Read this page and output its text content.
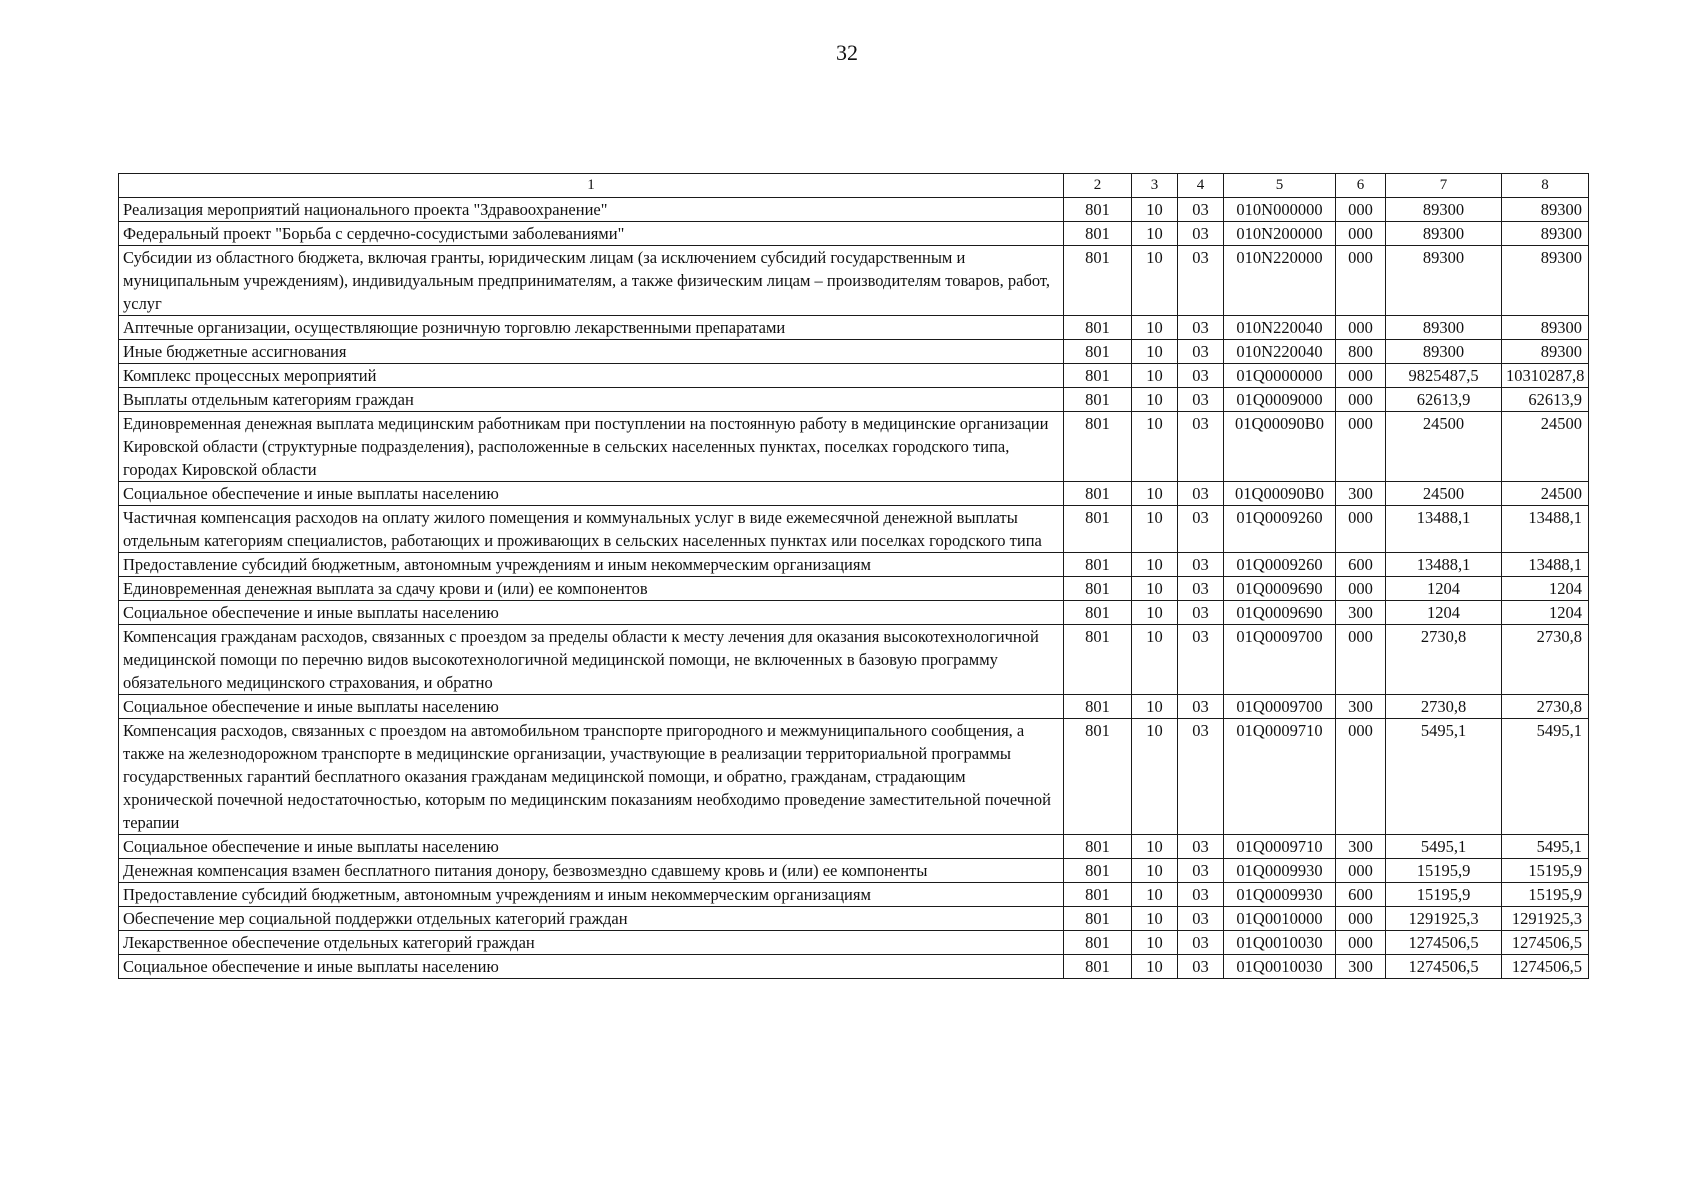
32
1	2	3	4	5	6	7	8
Реализация мероприятий национального проекта "Здравоохранение"	801	10	03	010N000000	000	89300	89300
Федеральный проект "Борьба с сердечно-сосудистыми заболеваниями"	801	10	03	010N200000	000	89300	89300
Субсидии из областного бюджета, включая гранты, юридическим лицам (за исключением субсидий государственным и муниципальным учреждениям), индивидуальным предпринимателям, а также физическим лицам – производителям товаров, работ, услуг	801	10	03	010N220000	000	89300	89300
Аптечные организации, осуществляющие розничную торговлю лекарственными препаратами	801	10	03	010N220040	000	89300	89300
Иные бюджетные ассигнования	801	10	03	010N220040	800	89300	89300
Комплекс процессных мероприятий	801	10	03	01Q0000000	000	9825487,5	10310287,8
Выплаты отдельным категориям граждан	801	10	03	01Q0009000	000	62613,9	62613,9
Единовременная денежная выплата медицинским работникам при поступлении на постоянную работу в медицинские организации Кировской области (структурные подразделения), расположенные в сельских населенных пунктах, поселках городского типа, городах Кировской области	801	10	03	01Q00090B0	000	24500	24500
Социальное обеспечение и иные выплаты населению	801	10	03	01Q00090B0	300	24500	24500
Частичная компенсация расходов на оплату жилого помещения и коммунальных услуг в виде ежемесячной денежной выплаты отдельным категориям специалистов, работающих и проживающих в сельских населенных пунктах или поселках городского типа	801	10	03	01Q0009260	000	13488,1	13488,1
Предоставление субсидий бюджетным, автономным учреждениям и иным некоммерческим организациям	801	10	03	01Q0009260	600	13488,1	13488,1
Единовременная денежная выплата за сдачу крови и (или) ее компонентов	801	10	03	01Q0009690	000	1204	1204
Социальное обеспечение и иные выплаты населению	801	10	03	01Q0009690	300	1204	1204
Компенсация гражданам расходов, связанных с проездом за пределы области к месту лечения для оказания высокотехнологичной медицинской помощи по перечню видов высокотехнологичной медицинской помощи, не включенных в базовую программу обязательного медицинского страхования, и обратно	801	10	03	01Q0009700	000	2730,8	2730,8
Социальное обеспечение и иные выплаты населению	801	10	03	01Q0009700	300	2730,8	2730,8
Компенсация расходов, связанных с проездом на автомобильном транспорте пригородного и межмуниципального сообщения, а также на железнодорожном транспорте в медицинские организации, участвующие в реализации территориальной программы государственных гарантий бесплатного оказания гражданам медицинской помощи, и обратно, гражданам, страдающим хронической почечной недостаточностью, которым по медицинским показаниям необходимо проведение заместительной почечной терапии	801	10	03	01Q0009710	000	5495,1	5495,1
Социальное обеспечение и иные выплаты населению	801	10	03	01Q0009710	300	5495,1	5495,1
Денежная компенсация взамен бесплатного питания донору, безвозмездно сдавшему кровь и (или) ее компоненты	801	10	03	01Q0009930	000	15195,9	15195,9
Предоставление субсидий бюджетным, автономным учреждениям и иным некоммерческим организациям	801	10	03	01Q0009930	600	15195,9	15195,9
Обеспечение мер социальной поддержки отдельных категорий граждан	801	10	03	01Q0010000	000	1291925,3	1291925,3
Лекарственное обеспечение отдельных категорий граждан	801	10	03	01Q0010030	000	1274506,5	1274506,5
Социальное обеспечение и иные выплаты населению	801	10	03	01Q0010030	300	1274506,5	1274506,5
